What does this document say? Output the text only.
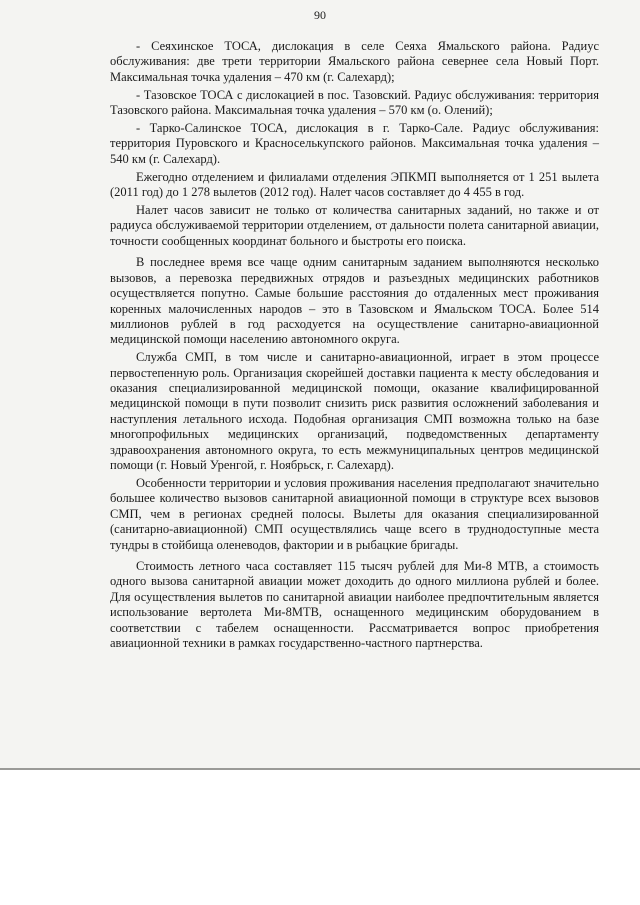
90

- Сеяхинское ТОСА, дислокация в селе Сеяха Ямальского района. Радиус обслуживания: две трети территории Ямальского района севернее села Новый Порт. Максимальная точка удаления – 470 км (г. Салехард);

- Тазовское ТОСА с дислокацией в пос. Тазовский. Радиус обслуживания: территория Тазовского района. Максимальная точка удаления – 570 км (о. Олений);

- Тарко-Салинское ТОСА, дислокация в г. Тарко-Сале. Радиус обслуживания: территория Пуровского и Красноселькупского районов. Максимальная точка удаления – 540 км (г. Салехард).

Ежегодно отделением и филиалами отделения ЭПКМП выполняется от 1 251 вылета (2011 год) до 1 278 вылетов (2012 год). Налет часов составляет до 4 455 в год.

Налет часов зависит не только от количества санитарных заданий, но также и от радиуса обслуживаемой территории отделением, от дальности полета санитарной авиации, точности сообщенных координат больного и быстроты его поиска.

В последнее время все чаще одним санитарным заданием выполняются несколько вызовов, а перевозка передвижных отрядов и разъездных медицинских работников осуществляется попутно. Самые большие расстояния до отдаленных мест проживания коренных малочисленных народов – это в Тазовском и Ямальском ТОСА. Более 514 миллионов рублей в год расходуется на осуществление санитарно-авиационной медицинской помощи населению автономного округа.

Служба СМП, в том числе и санитарно-авиационной, играет в этом процессе первостепенную роль. Организация скорейшей доставки пациента к месту обследования и оказания специализированной медицинской помощи, оказание квалифицированной медицинской помощи в пути позволит снизить риск развития осложнений заболевания и наступления летального исхода. Подобная организация СМП возможна только на базе многопрофильных медицинских организаций, подведомственных департаменту здравоохранения автономного округа, то есть межмуниципальных центров медицинской помощи (г. Новый Уренгой, г. Ноябрьск, г. Салехард).

Особенности территории и условия проживания населения предполагают значительно большее количество вызовов санитарной авиационной помощи в структуре всех вызовов СМП, чем в регионах средней полосы. Вылеты для оказания специализированной (санитарно-авиационной) СМП осуществлялись чаще всего в труднодоступные места тундры в стойбища оленеводов, фактории и в рыбацкие бригады.

Стоимость летного часа составляет 115 тысяч рублей для Ми-8 МТВ, а стоимость одного вызова санитарной авиации может доходить до одного миллиона рублей и более. Для осуществления вылетов по санитарной авиации наиболее предпочтительным является использование вертолета Ми-8МТВ, оснащенного медицинским оборудованием в соответствии с табелем оснащенности. Рассматривается вопрос приобретения авиационной техники в рамках государственно-частного партнерства.
